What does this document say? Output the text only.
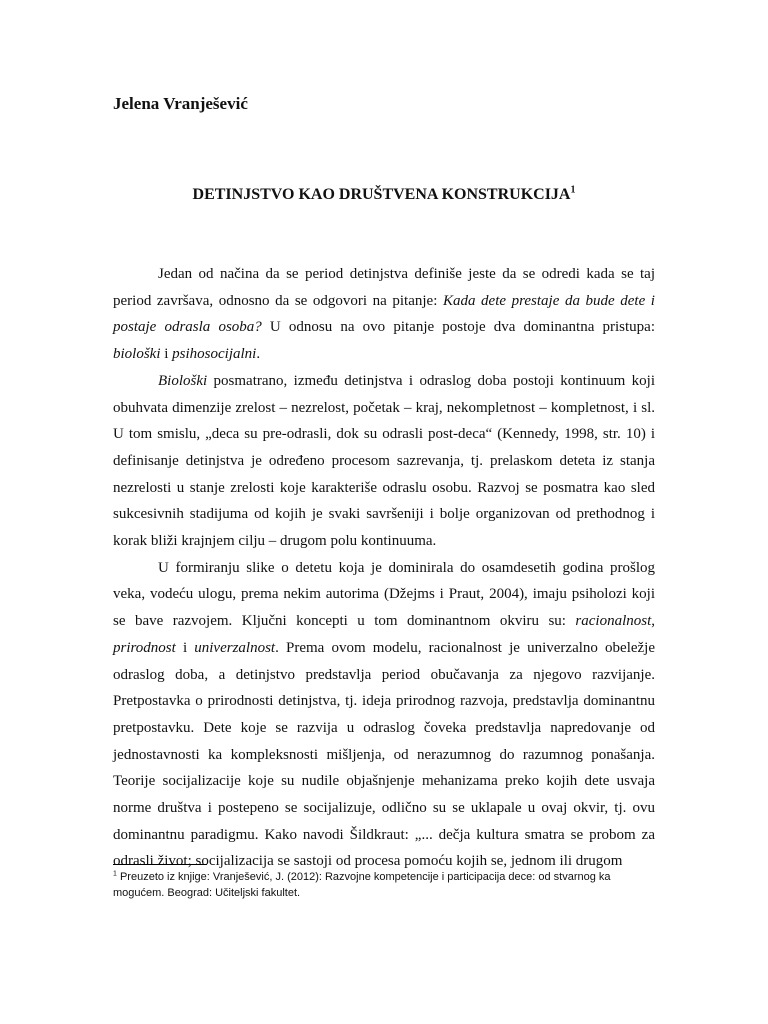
Jelena Vranješević
DETINJSTVO KAO DRUŠTVENA KONSTRUKCIJA$^1$

Jedan od načina da se period detinjstva definiše jeste da se odredi kada se taj period završava, odnosno da se odgovori na pitanje: Kada dete prestaje da bude dete i postaje odrasla osoba? U odnosu na ovo pitanje postoje dva dominantna pristupa: biološki i psihosocijalni.

Biološki posmatrano, između detinjstva i odraslog doba postoji kontinuum koji obuhvata dimenzije zrelost – nezrelost, početak – kraj, nekompletnost – kompletnost, i sl. U tom smislu, „deca su pre-odrasli, dok su odrasli post-deca“ (Kennedy, 1998, str. 10) i definisanje detinjstva je određeno procesom sazrevanja, tj. prelaskom deteta iz stanja nezrelosti u stanje zrelosti koje karakteriše odraslu osobu. Razvoj se posmatra kao sled sukcesivnih stadijuma od kojih je svaki savršeniji i bolje organizovan od prethodnog i korak bliži krajnjem cilju – drugom polu kontinuuma.

U formiranju slike o detetu koja je dominirala do osamdesetih godina prošlog veka, vodeću ulogu, prema nekim autorima (Džejms i Praut, 2004), imaju psiholozi koji se bave razvojem. Ključni koncepti u tom dominantnom okviru su: racionalnost, prirodnost i univerzalnost. Prema ovom modelu, racionalnost je univerzalno obeležje odraslog doba, a detinjstvo predstavlja period obučavanja za njegovo razvijanje. Pretpostavka o prirodnosti detinjstva, tj. ideja prirodnog razvoja, predstavlja dominantnu pretpostavku. Dete koje se razvija u odraslog čoveka predstavlja napredovanje od jednostavnosti ka kompleksnosti mišljenja, od nerazumnog do razumnog ponašanja. Teorije socijalizacije koje su nudile objašnjenje mehanizama preko kojih dete usvaja norme društva i postepeno se socijalizuje, odlično su se uklapale u ovaj okvir, tj. ovu dominantnu paradigmu. Kako navodi Šildkraut: „... dečja kultura smatra se probom za odrasli život; socijalizacija se sastoji od procesa pomoću kojih se, jednom ili drugom

$^1$ Preuzeto iz knjige: Vranješević, J. (2012): Razvojne kompetencije i participacija dece: od stvarnog ka mogućem. Beograd: Učiteljski fakultet.
